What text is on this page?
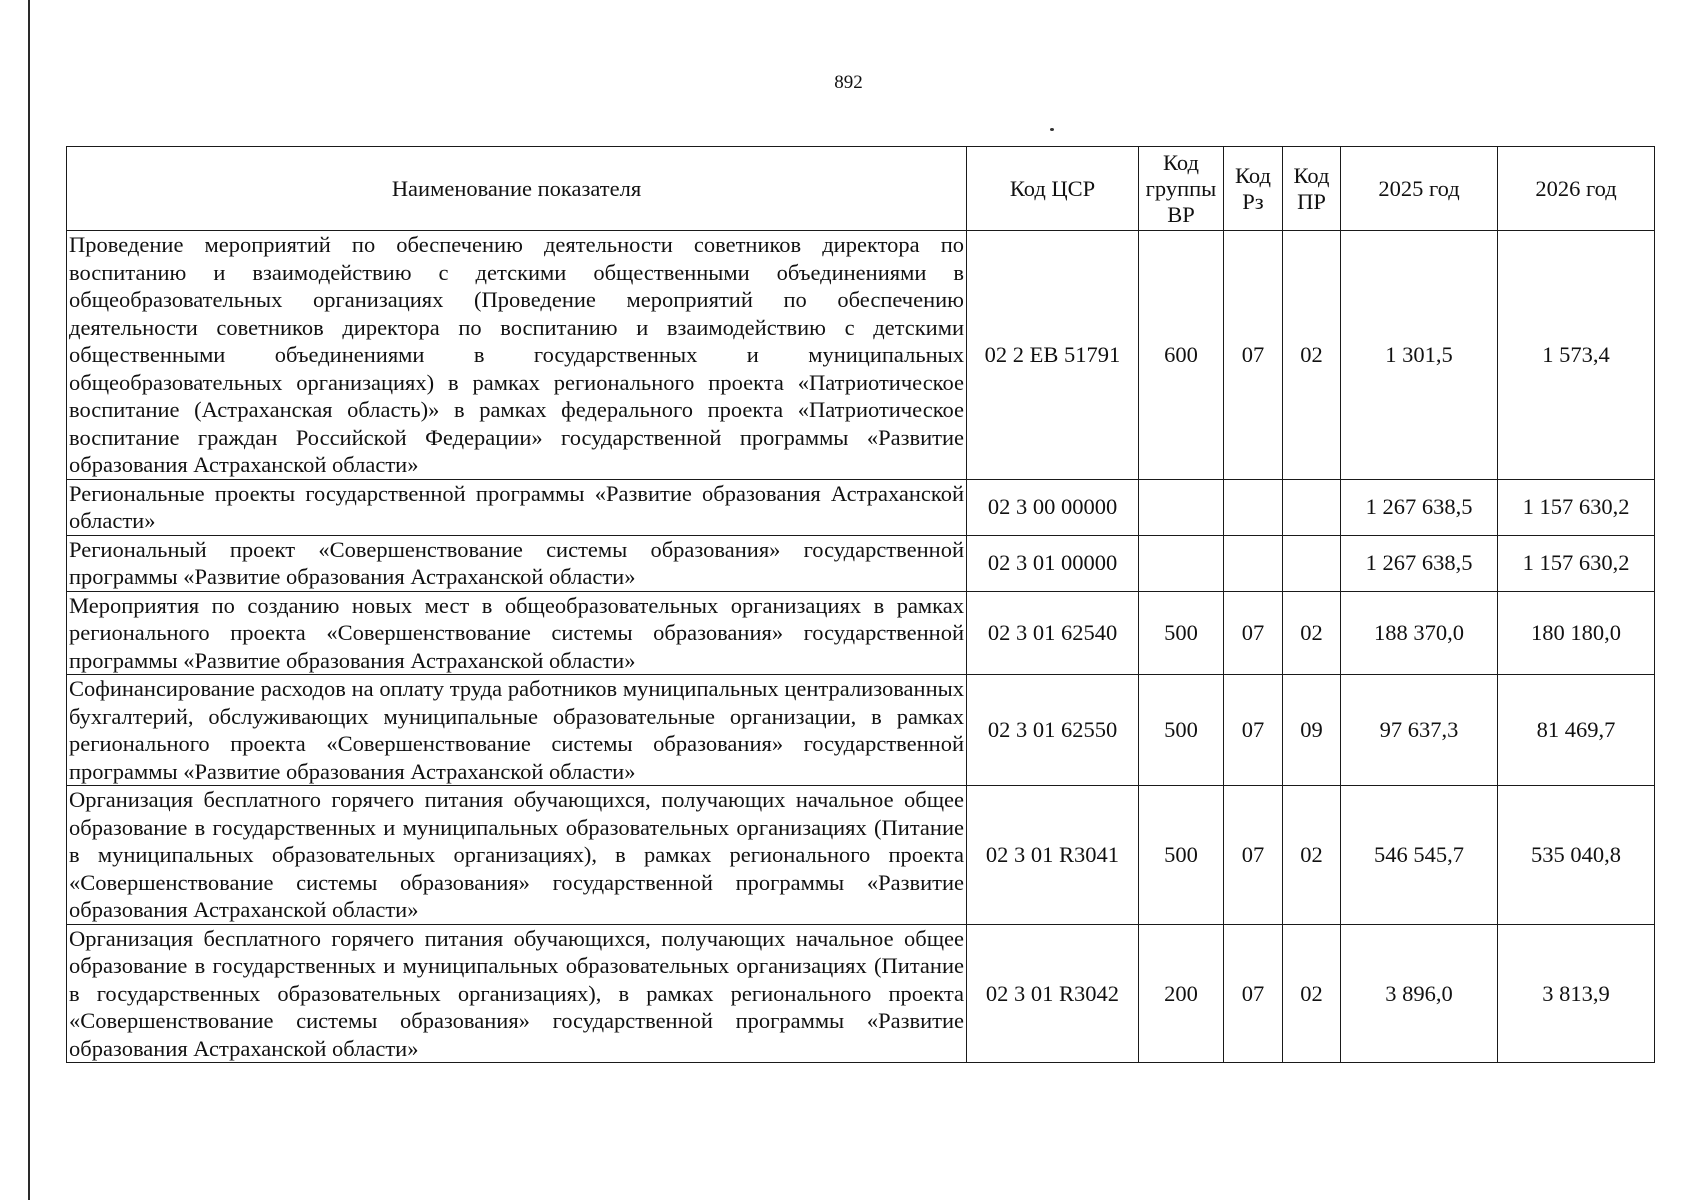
892
Наименование показателя	Код ЦСР	Код группы ВР	Код Рз	Код ПР	2025 год	2026 год
Проведение мероприятий по обеспечению деятельности советников директора по воспитанию и взаимодействию с детскими общественными объединениями в общеобразовательных организациях (Проведение мероприятий по обеспечению деятельности советников директора по воспитанию и взаимодействию с детскими общественными объединениями в государственных и муниципальных общеобразовательных организациях) в рамках регионального проекта «Патриотическое воспитание (Астраханская область)» в рамках федерального проекта «Патриотическое воспитание граждан Российской Федерации» государственной программы «Развитие образования Астраханской области»	02 2 ЕВ 51791	600	07	02	1 301,5	1 573,4
Региональные проекты государственной программы «Развитие образования Астраханской области»	02 3 00 00000				1 267 638,5	1 157 630,2
Региональный проект «Совершенствование системы образования» государственной программы «Развитие образования Астраханской области»	02 3 01 00000				1 267 638,5	1 157 630,2
Мероприятия по созданию новых мест в общеобразовательных организациях в рамках регионального проекта «Совершенствование системы образования» государственной программы «Развитие образования Астраханской области»	02 3 01 62540	500	07	02	188 370,0	180 180,0
Софинансирование расходов на оплату труда работников муниципальных централизованных бухгалтерий, обслуживающих муниципальные образовательные организации, в рамках регионального проекта «Совершенствование системы образования» государственной программы «Развитие образования Астраханской области»	02 3 01 62550	500	07	09	97 637,3	81 469,7
Организация бесплатного горячего питания обучающихся, получающих начальное общее образование в государственных и муниципальных образовательных организациях (Питание в муниципальных образовательных организациях), в рамках регионального проекта «Совершенствование системы образования» государственной программы «Развитие образования Астраханской области»	02 3 01 R3041	500	07	02	546 545,7	535 040,8
Организация бесплатного горячего питания обучающихся, получающих начальное общее образование в государственных и муниципальных образовательных организациях (Питание в государственных образовательных организациях), в рамках регионального проекта «Совершенствование системы образования» государственной программы «Развитие образования Астраханской области»	02 3 01 R3042	200	07	02	3 896,0	3 813,9
